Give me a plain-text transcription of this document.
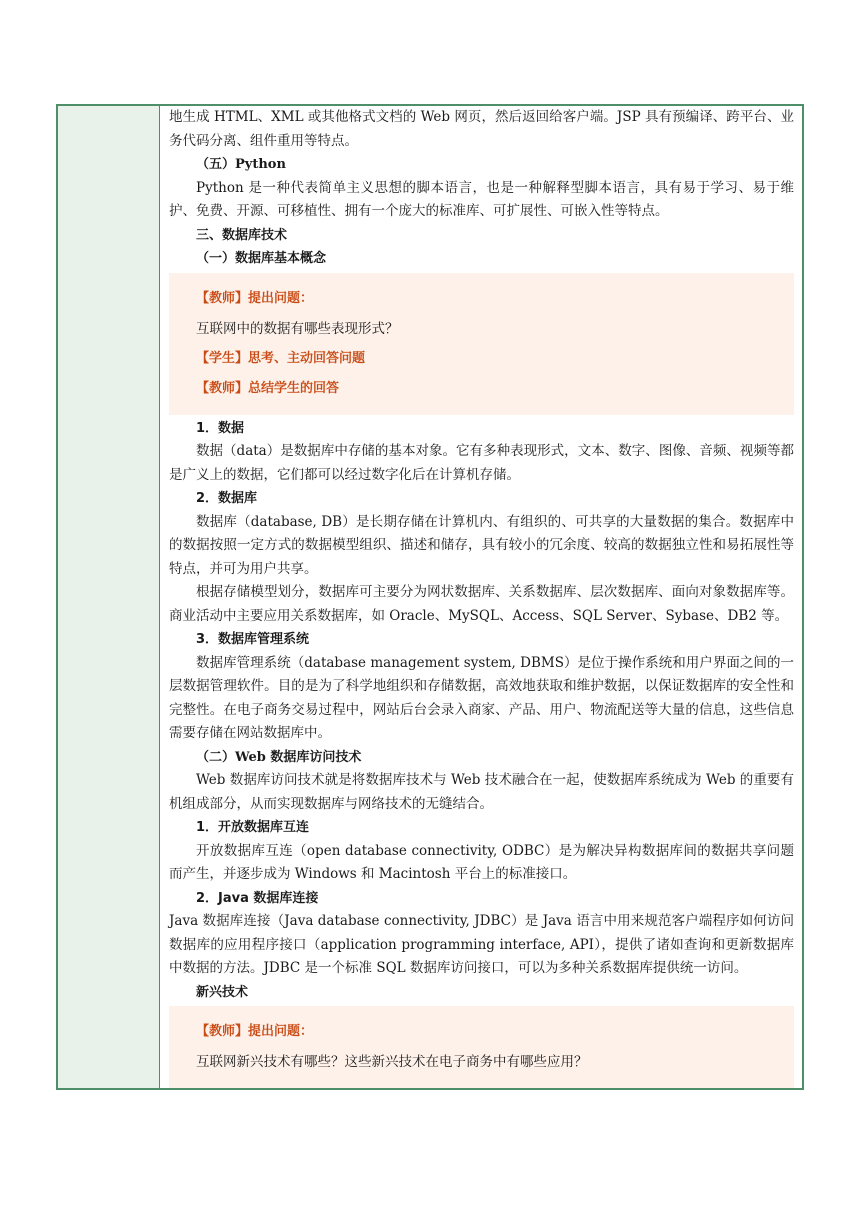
地生成 HTML、XML 或其他格式文档的 Web 网页，然后返回给客户端。JSP 具有预编译、跨平台、业务代码分离、组件重用等特点。

（五）Python

Python 是一种代表简单主义思想的脚本语言，也是一种解释型脚本语言，具有易于学习、易于维护、免费、开源、可移植性、拥有一个庞大的标准库、可扩展性、可嵌入性等特点。

三、数据库技术

（一）数据库基本概念

【教师】提出问题：

互联网中的数据有哪些表现形式？

【学生】思考、主动回答问题

【教师】总结学生的回答

1．数据

数据（data）是数据库中存储的基本对象。它有多种表现形式，文本、数字、图像、音频、视频等都是广义上的数据，它们都可以经过数字化后在计算机存储。

2．数据库

数据库（database, DB）是长期存储在计算机内、有组织的、可共享的大量数据的集合。数据库中的数据按照一定方式的数据模型组织、描述和储存，具有较小的冗余度、较高的数据独立性和易拓展性等特点，并可为用户共享。

根据存储模型划分，数据库可主要分为网状数据库、关系数据库、层次数据库、面向对象数据库等。商业活动中主要应用关系数据库，如 Oracle、MySQL、Access、SQL Server、Sybase、DB2 等。

3．数据库管理系统

数据库管理系统（database management system, DBMS）是位于操作系统和用户界面之间的一层数据管理软件。目的是为了科学地组织和存储数据，高效地获取和维护数据，以保证数据库的安全性和完整性。在电子商务交易过程中，网站后台会录入商家、产品、用户、物流配送等大量的信息，这些信息需要存储在网站数据库中。

（二）Web 数据库访问技术

Web 数据库访问技术就是将数据库技术与 Web 技术融合在一起，使数据库系统成为 Web 的重要有机组成部分，从而实现数据库与网络技术的无缝结合。

1．开放数据库互连

开放数据库互连（open database connectivity, ODBC）是为解决异构数据库间的数据共享问题而产生，并逐步成为 Windows 和 Macintosh 平台上的标准接口。

2．Java 数据库连接

Java 数据库连接（Java database connectivity, JDBC）是 Java 语言中用来规范客户端程序如何访问数据库的应用程序接口（application programming interface, API），提供了诸如查询和更新数据库中数据的方法。JDBC 是一个标准 SQL 数据库访问接口，可以为多种关系数据库提供统一访问。

新兴技术

【教师】提出问题：

互联网新兴技术有哪些？这些新兴技术在电子商务中有哪些应用？
